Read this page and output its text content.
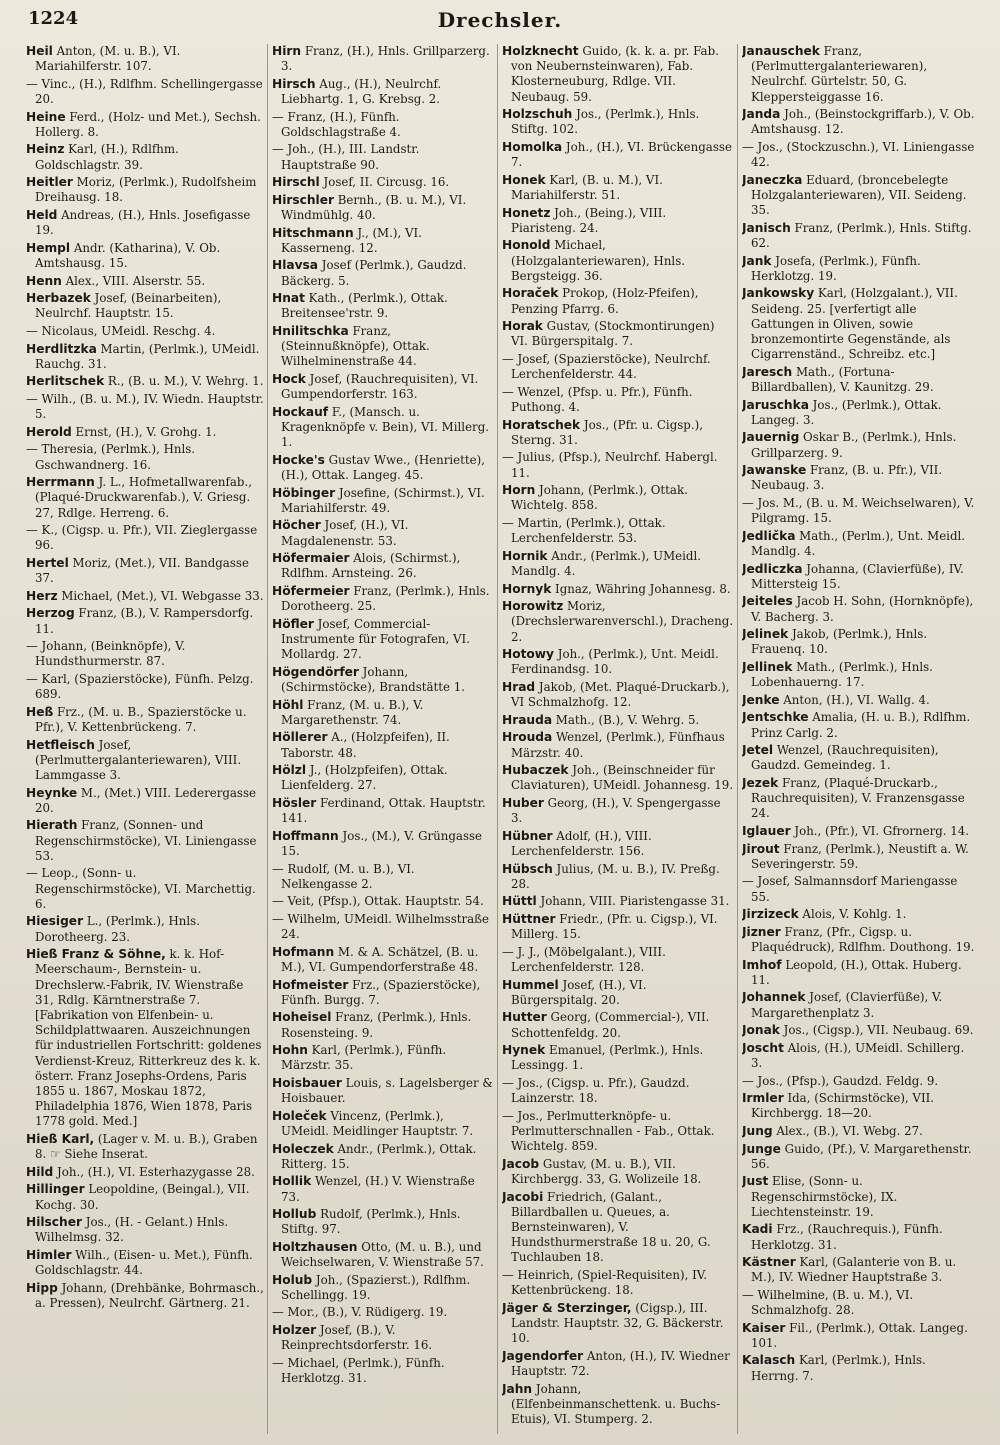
1224	Drechsler.

Heil Anton, (M. u. B.), VI. Mariahilferstr. 107.

— Vinc., (H.), Rdlfhm. Schellingergasse 20.

Heine Ferd., (Holz- und Met.), Sechsh. Hollerg. 8.

Heinz Karl, (H.), Rdlfhm. Goldschlagstr. 39.

Heitler Moriz, (Perlmk.), Rudolfsheim Dreihausg. 18.

Held Andreas, (H.), Hnls. Josefigasse 19.

Hempl Andr. (Katharina), V. Ob. Amtshausg. 15.

Henn Alex., VIII. Alserstr. 55.

Herbazek Josef, (Beinarbeiten), Neulrchf. Hauptstr. 15.

— Nicolaus, UMeidl. Reschg. 4.

Herdlitzka Martin, (Perlmk.), UMeidl. Rauchg. 31.

Herlitschek R., (B. u. M.), V. Wehrg. 1.

— Wilh., (B. u. M.), IV. Wiedn. Hauptstr. 5.

Herold Ernst, (H.), V. Grohg. 1.

— Theresia, (Perlmk.), Hnls. Gschwandnerg. 16.

Herrmann J. L., Hofmetallwarenfab., (Plaqué-Druckwarenfab.), V. Griesg. 27, Rdlge. Herreng. 6.

— K., (Cigsp. u. Pfr.), VII. Zieglergasse 96.

Hertel Moriz, (Met.), VII. Bandgasse 37.

Herz Michael, (Met.), VI. Webgasse 33.

Herzog Franz, (B.), V. Rampersdorfg. 11.

— Johann, (Beinknöpfe), V. Hundsthurmerstr. 87.

— Karl, (Spazierstöcke), Fünfh. Pelzg. 689.

Heß Frz., (M. u. B., Spazierstöcke u. Pfr.), V. Kettenbrückeng. 7.

Hetfleisch Josef, (Perlmuttergalanteriewaren), VIII. Lammgasse 3.

Heynke M., (Met.) VIII. Lederergasse 20.

Hierath Franz, (Sonnen- und Regenschirmstöcke), VI. Liniengasse 53.

— Leop., (Sonn- u. Regenschirmstöcke), VI. Marchettig. 6.

Hiesiger L., (Perlmk.), Hnls. Dorotheerg. 23.

Hieß Franz & Söhne, k. k. Hof-Meerschaum-, Bernstein- u. Drechslerw.-Fabrik, IV. Wienstraße 31, Rdlg. Kärntnerstraße 7. [Fabrikation von Elfenbein- u. Schildplattwaaren. Auszeichnungen für industriellen Fortschritt: goldenes Verdienst-Kreuz, Ritterkreuz des k. k. österr. Franz Josephs-Ordens, Paris 1855 u. 1867, Moskau 1872, Philadelphia 1876, Wien 1878, Paris 1778 gold. Med.]

Hieß Karl, (Lager v. M. u. B.), Graben 8. ☞ Siehe Inserat.

Hild Joh., (H.), VI. Esterhazygasse 28.

Hillinger Leopoldine, (Beingal.), VII. Kochg. 30.

Hilscher Jos., (H. - Gelant.) Hnls. Wilhelmsg. 32.

Himler Wilh., (Eisen- u. Met.), Fünfh. Goldschlagstr. 44.

Hipp Johann, (Drehbänke, Bohrmasch., a. Pressen), Neulrchf. Gärtnerg. 21.

Hirn Franz, (H.), Hnls. Grillparzerg. 3.

Hirsch Aug., (H.), Neulrchf. Liebhartg. 1, G. Krebsg. 2.

— Franz, (H.), Fünfh. Goldschlagstraße 4.

— Joh., (H.), III. Landstr. Hauptstraße 90.

Hirschl Josef, II. Circusg. 16.

Hirschler Bernh., (B. u. M.), VI. Windmühlg. 40.

Hitschmann J., (M.), VI. Kasserneng. 12.

Hlavsa Josef (Perlmk.), Gaudzd. Bäckerg. 5.

Hnat Kath., (Perlmk.), Ottak. Breitensee'rstr. 9.

Hnilitschka Franz, (Steinnußknöpfe), Ottak. Wilhelminenstraße 44.

Hock Josef, (Rauchrequisiten), VI. Gumpendorferstr. 163.

Hockauf F., (Mansch. u. Kragenknöpfe v. Bein), VI. Millerg. 1.

Hocke's Gustav Wwe., (Henriette), (H.), Ottak. Langeg. 45.

Höbinger Josefine, (Schirmst.), VI. Mariahilferstr. 49.

Höcher Josef, (H.), VI. Magdalenenstr. 53.

Höfermaier Alois, (Schirmst.), Rdlfhm. Arnsteing. 26.

Höfermeier Franz, (Perlmk.), Hnls. Dorotheerg. 25.

Höfler Josef, Commercial-Instrumente für Fotografen, VI. Mollardg. 27.

Högendörfer Johann, (Schirmstöcke), Brandstätte 1.

Höhl Franz, (M. u. B.), V. Margarethenstr. 74.

Höllerer A., (Holzpfeifen), II. Taborstr. 48.

Hölzl J., (Holzpfeifen), Ottak. Lienfelderg. 27.

Hösler Ferdinand, Ottak. Hauptstr. 141.

Hoffmann Jos., (M.), V. Grüngasse 15.

— Rudolf, (M. u. B.), VI. Nelkengasse 2.

— Veit, (Pfsp.), Ottak. Hauptstr. 54.

— Wilhelm, UMeidl. Wilhelmsstraße 24.

Hofmann M. & A. Schätzel, (B. u. M.), VI. Gumpendorferstraße 48.

Hofmeister Frz., (Spazierstöcke), Fünfh. Burgg. 7.

Hoheisel Franz, (Perlmk.), Hnls. Rosensteing. 9.

Hohn Karl, (Perlmk.), Fünfh. Märzstr. 35.

Hoisbauer Louis, s. Lagelsberger & Hoisbauer.

Holeček Vincenz, (Perlmk.), UMeidl. Meidlinger Hauptstr. 7.

Holeczek Andr., (Perlmk.), Ottak. Ritterg. 15.

Hollik Wenzel, (H.) V. Wienstraße 73.

Hollub Rudolf, (Perlmk.), Hnls. Stiftg. 97.

Holtzhausen Otto, (M. u. B.), und Weichselwaren, V. Wienstraße 57.

Holub Joh., (Spazierst.), Rdlfhm. Schellingg. 19.

— Mor., (B.), V. Rüdigerg. 19.

Holzer Josef, (B.), V. Reinprechtsdorferstr. 16.

— Michael, (Perlmk.), Fünfh. Herklotzg. 31.

Holzknecht Guido, (k. k. a. pr. Fab. von Neubernsteinwaren), Fab. Klosterneuburg, Rdlge. VII. Neubaug. 59.

Holzschuh Jos., (Perlmk.), Hnls. Stiftg. 102.

Homolka Joh., (H.), VI. Brückengasse 7.

Honek Karl, (B. u. M.), VI. Mariahilferstr. 51.

Honetz Joh., (Being.), VIII. Piaristeng. 24.

Honold Michael, (Holzgalanteriewaren), Hnls. Bergsteigg. 36.

Horaček Prokop, (Holz-Pfeifen), Penzing Pfarrg. 6.

Horak Gustav, (Stockmontirungen) VI. Bürgerspitalg. 7.

— Josef, (Spazierstöcke), Neulrchf. Lerchenfelderstr. 44.

— Wenzel, (Pfsp. u. Pfr.), Fünfh. Puthong. 4.

Horatschek Jos., (Pfr. u. Cigsp.), Sterng. 31.

— Julius, (Pfsp.), Neulrchf. Habergl. 11.

Horn Johann, (Perlmk.), Ottak. Wichtelg. 858.

— Martin, (Perlmk.), Ottak. Lerchenfelderstr. 53.

Hornik Andr., (Perlmk.), UMeidl. Mandlg. 4.

Hornyk Ignaz, Währing Johannesg. 8.

Horowitz Moriz, (Drechslerwarenverschl.), Dracheng. 2.

Hotowy Joh., (Perlmk.), Unt. Meidl. Ferdinandsg. 10.

Hrad Jakob, (Met. Plaqué-Druckarb.), VI Schmalzhofg. 12.

Hrauda Math., (B.), V. Wehrg. 5.

Hrouda Wenzel, (Perlmk.), Fünfhaus Märzstr. 40.

Hubaczek Joh., (Beinschneider für Claviaturen), UMeidl. Johannesg. 19.

Huber Georg, (H.), V. Spengergasse 3.

Hübner Adolf, (H.), VIII. Lerchenfelderstr. 156.

Hübsch Julius, (M. u. B.), IV. Preßg. 28.

Hüttl Johann, VIII. Piaristengasse 31.

Hüttner Friedr., (Pfr. u. Cigsp.), VI. Millerg. 15.

— J. J., (Möbelgalant.), VIII. Lerchenfelderstr. 128.

Hummel Josef, (H.), VI. Bürgerspitalg. 20.

Hutter Georg, (Commercial-), VII. Schottenfeldg. 20.

Hynek Emanuel, (Perlmk.), Hnls. Lessingg. 1.

— Jos., (Cigsp. u. Pfr.), Gaudzd. Lainzerstr. 18.

— Jos., Perlmutterknöpfe- u. Perlmutterschnallen - Fab., Ottak. Wichtelg. 859.

Jacob Gustav, (M. u. B.), VII. Kirchbergg. 33, G. Wolizeile 18.

Jacobi Friedrich, (Galant., Billardballen u. Queues, a. Bernsteinwaren), V. Hundsthurmerstraße 18 u. 20, G. Tuchlauben 18.

— Heinrich, (Spiel-Requisiten), IV. Kettenbrückeng. 18.

Jäger & Sterzinger, (Cigsp.), III. Landstr. Hauptstr. 32, G. Bäckerstr. 10.

Jagendorfer Anton, (H.), IV. Wiedner Hauptstr. 72.

Jahn Johann, (Elfenbeinmanschettenk. u. Buchs-Etuis), VI. Stumperg. 2.

Janauschek Franz, (Perlmuttergalanteriewaren), Neulrchf. Gürtelstr. 50, G. Kleppersteiggasse 16.

Janda Joh., (Beinstockgriffarb.), V. Ob. Amtshausg. 12.

— Jos., (Stockzuschn.), VI. Liniengasse 42.

Janeczka Eduard, (broncebelegte Holzgalanteriewaren), VII. Seideng. 35.

Janisch Franz, (Perlmk.), Hnls. Stiftg. 62.

Jank Josefa, (Perlmk.), Fünfh. Herklotzg. 19.

Jankowsky Karl, (Holzgalant.), VII. Seideng. 25. [verfertigt alle Gattungen in Oliven, sowie bronzemontirte Gegenstände, als Cigarrenständ., Schreibz. etc.]

Jaresch Math., (Fortuna-Billardballen), V. Kaunitzg. 29.

Jaruschka Jos., (Perlmk.), Ottak. Langeg. 3.

Jauernig Oskar B., (Perlmk.), Hnls. Grillparzerg. 9.

Jawanske Franz, (B. u. Pfr.), VII. Neubaug. 3.

— Jos. M., (B. u. M. Weichselwaren), V. Pilgramg. 15.

Jedlička Math., (Perlm.), Unt. Meidl. Mandlg. 4.

Jedliczka Johanna, (Clavierfüße), IV. Mittersteig 15.

Jeiteles Jacob H. Sohn, (Hornknöpfe), V. Bacherg. 3.

Jelinek Jakob, (Perlmk.), Hnls. Frauenq. 10.

Jellinek Math., (Perlmk.), Hnls. Lobenhauerng. 17.

Jenke Anton, (H.), VI. Wallg. 4.

Jentschke Amalia, (H. u. B.), Rdlfhm. Prinz Carlg. 2.

Jetel Wenzel, (Rauchrequisiten), Gaudzd. Gemeindeg. 1.

Jezek Franz, (Plaqué-Druckarb., Rauchrequisiten), V. Franzensgasse 24.

Iglauer Joh., (Pfr.), VI. Gfrornerg. 14.

Jirout Franz, (Perlmk.), Neustift a. W. Severingerstr. 59.

— Josef, Salmannsdorf Mariengasse 55.

Jirzizeck Alois, V. Kohlg. 1.

Jizner Franz, (Pfr., Cigsp. u. Plaquédruck), Rdlfhm. Douthong. 19.

Imhof Leopold, (H.), Ottak. Huberg. 11.

Johannek Josef, (Clavierfüße), V. Margarethenplatz 3.

Jonak Jos., (Cigsp.), VII. Neubaug. 69.

Joscht Alois, (H.), UMeidl. Schillerg. 3.

— Jos., (Pfsp.), Gaudzd. Feldg. 9.

Irmler Ida, (Schirmstöcke), VII. Kirchbergg. 18—20.

Jung Alex., (B.), VI. Webg. 27.

Junge Guido, (Pf.), V. Margarethenstr. 56.

Just Elise, (Sonn- u. Regenschirmstöcke), IX. Liechtensteinstr. 19.

Kadi Frz., (Rauchrequis.), Fünfh. Herklotzg. 31.

Kästner Karl, (Galanterie von B. u. M.), IV. Wiedner Hauptstraße 3.

— Wilhelmine, (B. u. M.), VI. Schmalzhofg. 28.

Kaiser Fil., (Perlmk.), Ottak. Langeg. 101.

Kalasch Karl, (Perlmk.), Hnls. Herrng. 7.
